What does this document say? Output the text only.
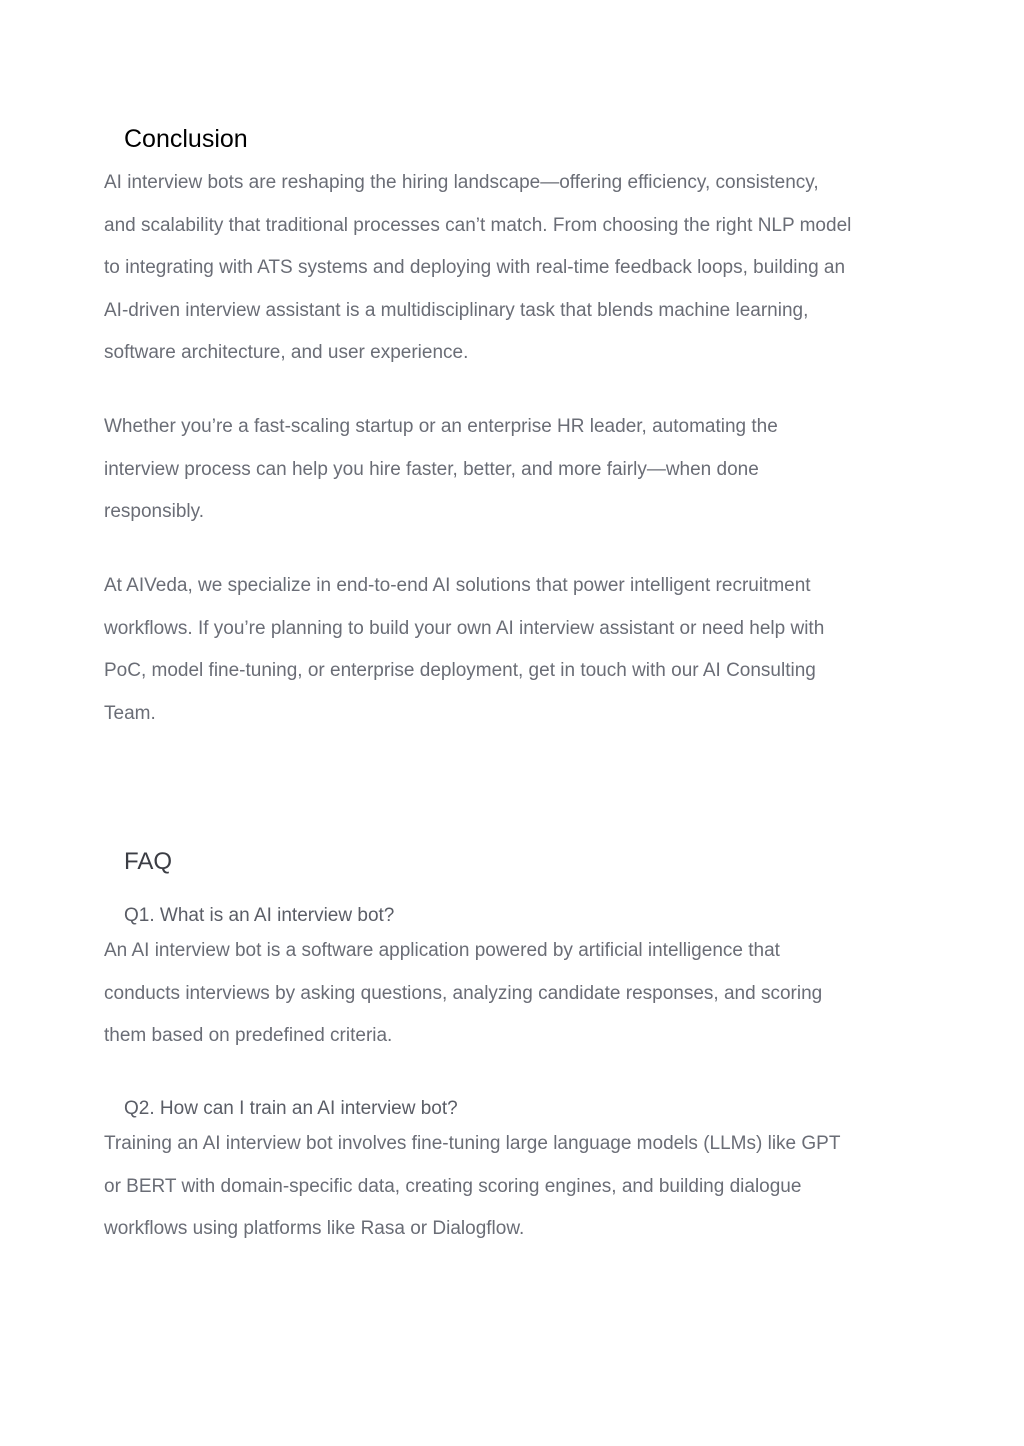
Conclusion

AI interview bots are reshaping the hiring landscape—offering efficiency, consistency,
and scalability that traditional processes can’t match. From choosing the right NLP model
to integrating with ATS systems and deploying with real-time feedback loops, building an
AI-driven interview assistant is a multidisciplinary task that blends machine learning,
software architecture, and user experience.

Whether you’re a fast-scaling startup or an enterprise HR leader, automating the
interview process can help you hire faster, better, and more fairly—when done
responsibly.

At AIVeda, we specialize in end-to-end AI solutions that power intelligent recruitment
workflows. If you’re planning to build your own AI interview assistant or need help with
PoC, model fine-tuning, or enterprise deployment, get in touch with our AI Consulting
Team.

FAQ
Q1. What is an AI interview bot?

An AI interview bot is a software application powered by artificial intelligence that
conducts interviews by asking questions, analyzing candidate responses, and scoring
them based on predefined criteria.

Q2. How can I train an AI interview bot?

Training an AI interview bot involves fine-tuning large language models (LLMs) like GPT
or BERT with domain-specific data, creating scoring engines, and building dialogue
workflows using platforms like Rasa or Dialogflow.
